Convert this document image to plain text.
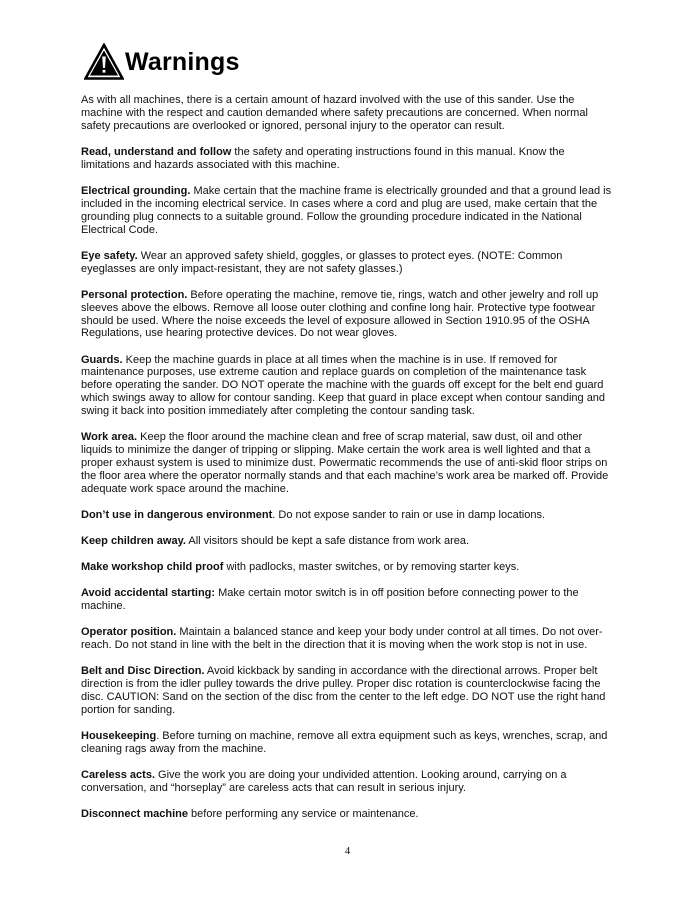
Warnings

As with all machines, there is a certain amount of hazard involved with the use of this sander. Use the machine with the respect and caution demanded where safety precautions are concerned. When normal safety precautions are overlooked or ignored, personal injury to the operator can result.

Read, understand and follow the safety and operating instructions found in this manual. Know the limitations and hazards associated with this machine.

Electrical grounding. Make certain that the machine frame is electrically grounded and that a ground lead is included in the incoming electrical service. In cases where a cord and plug are used, make certain that the grounding plug connects to a suitable ground. Follow the grounding procedure indicated in the National Electrical Code.

Eye safety. Wear an approved safety shield, goggles, or glasses to protect eyes. (NOTE: Common eyeglasses are only impact-resistant, they are not safety glasses.)

Personal protection. Before operating the machine, remove tie, rings, watch and other jewelry and roll up sleeves above the elbows. Remove all loose outer clothing and confine long hair. Protective type footwear should be used. Where the noise exceeds the level of exposure allowed in Section 1910.95 of the OSHA Regulations, use hearing protective devices. Do not wear gloves.

Guards. Keep the machine guards in place at all times when the machine is in use. If removed for maintenance purposes, use extreme caution and replace guards on completion of the maintenance task before operating the sander. DO NOT operate the machine with the guards off except for the belt end guard which swings away to allow for contour sanding. Keep that guard in place except when contour sanding and swing it back into position immediately after completing the contour sanding task.

Work area. Keep the floor around the machine clean and free of scrap material, saw dust, oil and other liquids to minimize the danger of tripping or slipping. Make certain the work area is well lighted and that a proper exhaust system is used to minimize dust. Powermatic recommends the use of anti-skid floor strips on the floor area where the operator normally stands and that each machine’s work area be marked off. Provide adequate work space around the machine.

Don’t use in dangerous environment. Do not expose sander to rain or use in damp locations.

Keep children away. All visitors should be kept a safe distance from work area.

Make workshop child proof with padlocks, master switches, or by removing starter keys.

Avoid accidental starting: Make certain motor switch is in off position before connecting power to the machine.

Operator position. Maintain a balanced stance and keep your body under control at all times. Do not over-reach. Do not stand in line with the belt in the direction that it is moving when the work stop is not in use.

Belt and Disc Direction. Avoid kickback by sanding in accordance with the directional arrows. Proper belt direction is from the idler pulley towards the drive pulley. Proper disc rotation is counterclockwise facing the disc. CAUTION: Sand on the section of the disc from the center to the left edge. DO NOT use the right hand portion for sanding.

Housekeeping. Before turning on machine, remove all extra equipment such as keys, wrenches, scrap, and cleaning rags away from the machine.

Careless acts. Give the work you are doing your undivided attention. Looking around, carrying on a conversation, and “horseplay” are careless acts that can result in serious injury.

Disconnect machine before performing any service or maintenance.

4
